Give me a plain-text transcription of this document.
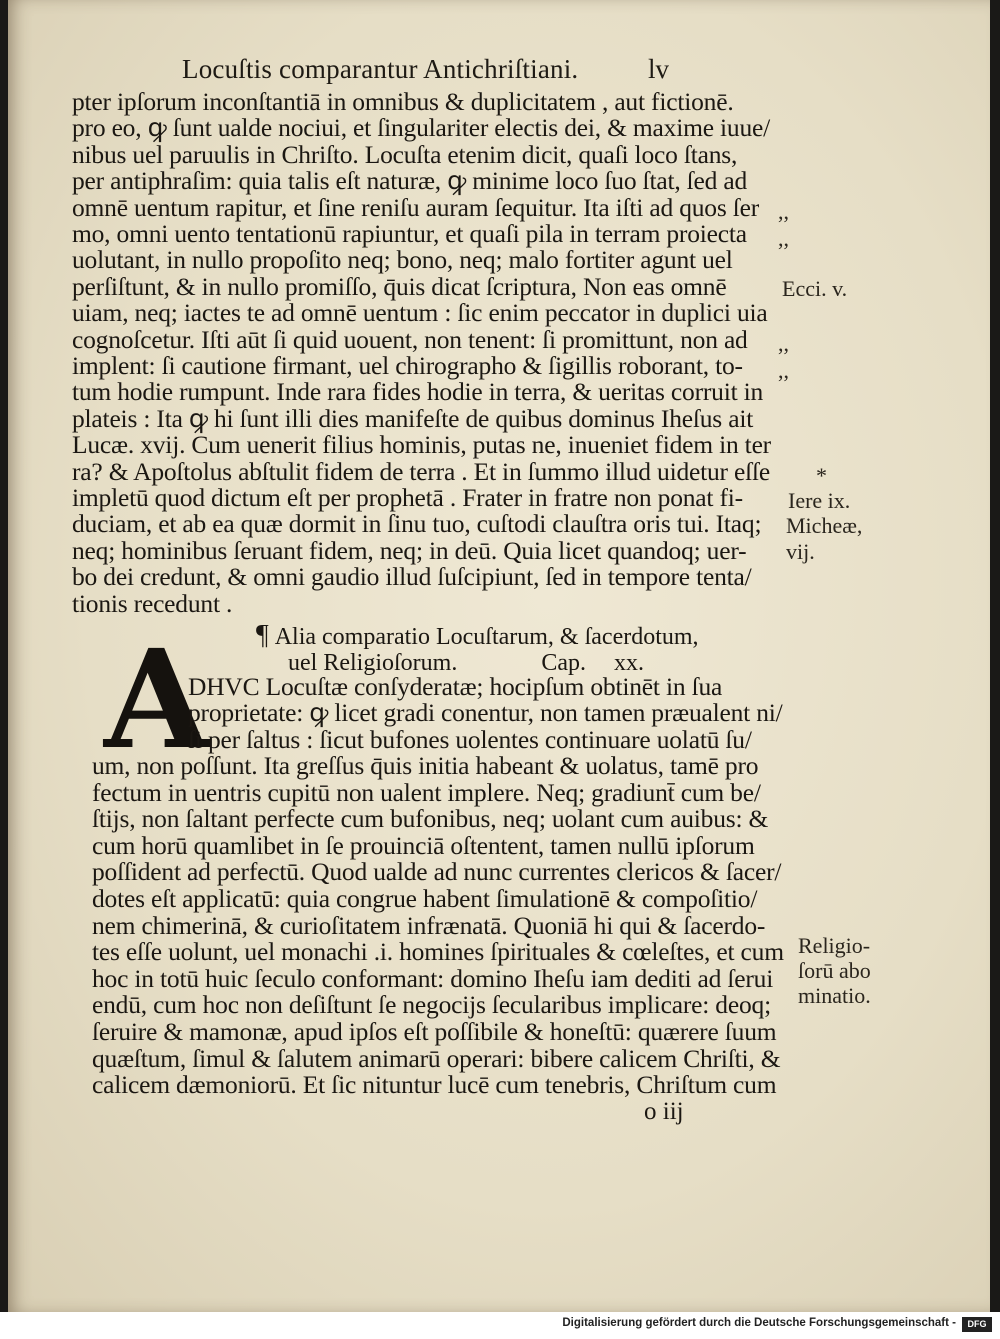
Locuſtis comparantur Antichriſtiani.	lv
pter ipſorum inconſtantiā in omnibus & duplicitatem , aut fictionē.
pro eo, ꝙ ſunt ualde nociui, et ſingulariter electis dei, & maxime iuue/
nibus uel paruulis in Chriſto. Locuſta etenim dicit, quaſi loco ſtans,
per antiphraſim: quia talis eſt naturæ, ꝙ minime loco ſuo ſtat, ſed ad
omnē uentum rapitur, et ſine reniſu auram ſequitur. Ita iſti ad quos ſer
mo, omni uento tentationū rapiuntur, et quaſi pila in terram proiecta
uolutant, in nullo propoſito neq; bono, neq; malo fortiter agunt uel
perſiſtunt, & in nullo promiſſo, q̄uis dicat ſcriptura, Non eas omnē
uiam, neq; iactes te ad omnē uentum : ſic enim peccator in duplici uia
cognoſcetur. Iſti aūt ſi quid uouent, non tenent: ſi promittunt, non ad
implent: ſi cautione firmant, uel chirographo & ſigillis roborant, to-
tum hodie rumpunt. Inde rara fides hodie in terra, & ueritas corruit in
plateis : Ita ꝙ hi ſunt illi dies manifeſte de quibus dominus Iheſus ait
Lucæ. xvij. Cum uenerit filius hominis, putas ne, inueniet fidem in ter
ra? & Apoſtolus abſtulit fidem de terra . Et in ſummo illud uidetur eſſe
impletū quod dictum eſt per prophetā . Frater in fratre non ponat fi-
duciam, et ab ea quæ dormit in ſinu tuo, cuſtodi clauſtra oris tui. Itaq;
neq; hominibus ſeruant fidem, neq; in deū. Quia licet quandoq; uer-
bo dei credunt, & omni gaudio illud ſuſcipiunt, ſed in tempore tenta/
tionis recedunt .
¶ Alia comparatio Locuſtarum, & ſacerdotum,
uel Religioſorum.	Cap. xx.
A
DHVC Locuſtæ conſyderatæ; hocipſum obtinēt in ſua
proprietate: ꝙ licet gradi conentur, non tamen præualent ni/
ſi per ſaltus : ſicut bufones uolentes continuare uolatū ſu/
um, non poſſunt. Ita greſſus q̄uis initia habeant & uolatus, tamē pro
fectum in uentris cupitū non ualent implere. Neq; gradiunt̄ cum be/
ſtijs, non ſaltant perfecte cum bufonibus, neq; uolant cum auibus: &
cum horū quamlibet in ſe prouinciā oſtentent, tamen nullū ipſorum
poſſident ad perfectū. Quod ualde ad nunc currentes clericos & ſacer/
dotes eſt applicatū: quia congrue habent ſimulationē & compoſitio/
nem chimerinā, & curioſitatem infrænatā. Quoniā hi qui & ſacerdo-
tes eſſe uolunt, uel monachi .i. homines ſpirituales & cœleſtes, et cum
hoc in totū huic ſeculo conformant: domino Iheſu iam dediti ad ſerui
endū, cum hoc non deſiſtunt ſe negocijs ſecularibus implicare: deoq;
ſeruire & mamonæ, apud ipſos eſt poſſibile & honeſtū: quærere ſuum
quæſtum, ſimul & ſalutem animarū operari: bibere calicem Chriſti, &
calicem dæmoniorū. Et ſic nituntur lucē cum tenebris, Chriſtum cum
,,
,,
Ecci. v.
,,
,,
*
Iere ix.
Micheæ,
vij.
Religio-
ſorū abo
minatio.
o iij
Digitalisierung gefördert durch die Deutsche Forschungsgemeinschaft -	DFG
